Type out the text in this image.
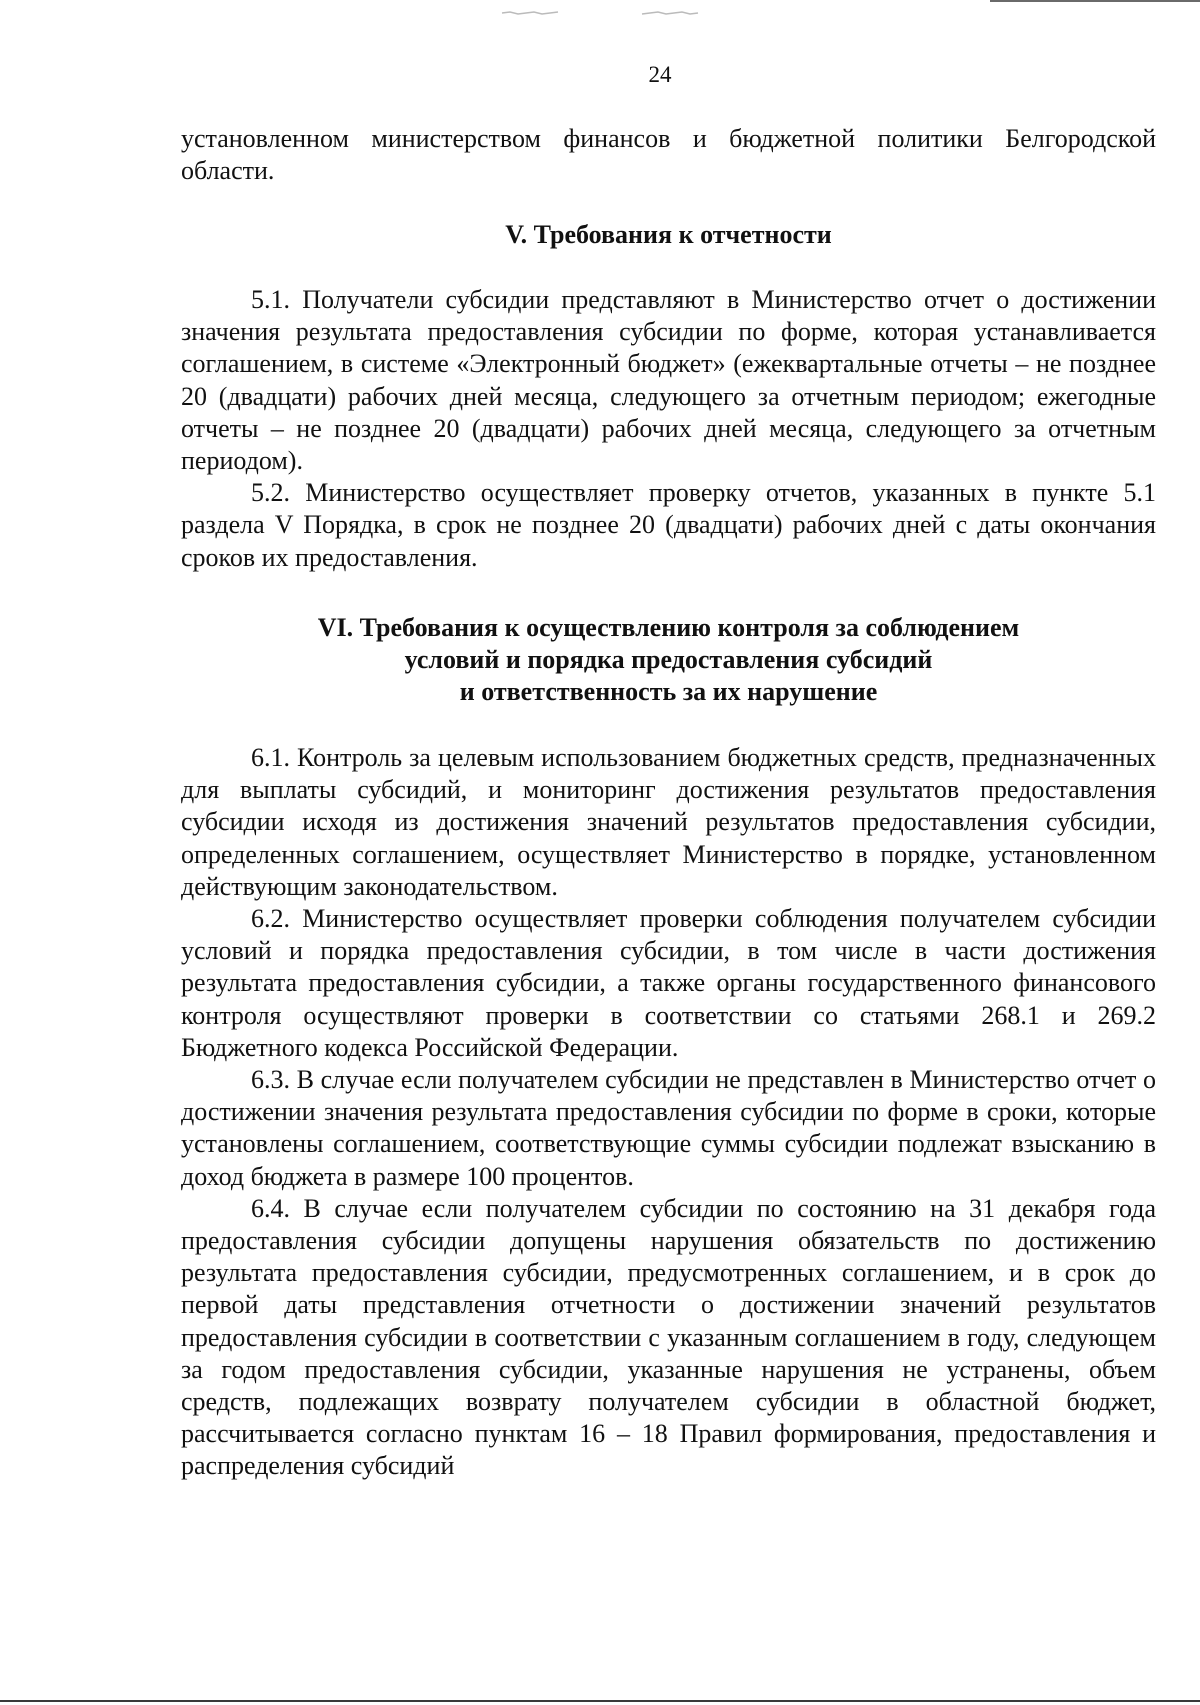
24

установленном министерством финансов и бюджетной политики Белгородской области.

V. Требования к отчетности

5.1. Получатели субсидии представляют в Министерство отчет о достижении значения результата предоставления субсидии по форме, которая устанавливается соглашением, в системе «Электронный бюджет» (ежеквартальные отчеты – не позднее 20 (двадцати) рабочих дней месяца, следующего за отчетным периодом; ежегодные отчеты – не позднее 20 (двадцати) рабочих дней месяца, следующего за отчетным периодом).

5.2. Министерство осуществляет проверку отчетов, указанных в пункте 5.1 раздела V Порядка, в срок не позднее 20 (двадцати) рабочих дней с даты окончания сроков их предоставления.

VI. Требования к осуществлению контроля за соблюдением
условий и порядка предоставления субсидий
и ответственность за их нарушение

6.1. Контроль за целевым использованием бюджетных средств, предназначенных для выплаты субсидий, и мониторинг достижения результатов предоставления субсидии исходя из достижения значений результатов предоставления субсидии, определенных соглашением, осуществляет Министерство в порядке, установленном действующим законодательством.

6.2. Министерство осуществляет проверки соблюдения получателем субсидии условий и порядка предоставления субсидии, в том числе в части достижения результата предоставления субсидии, а также органы государственного финансового контроля осуществляют проверки в соответствии со статьями 268.1 и 269.2 Бюджетного кодекса Российской Федерации.

6.3. В случае если получателем субсидии не представлен в Министерство отчет о достижении значения результата предоставления субсидии по форме в сроки, которые установлены соглашением, соответствующие суммы субсидии подлежат взысканию в доход бюджета в размере 100 процентов.

6.4. В случае если получателем субсидии по состоянию на 31 декабря года предоставления субсидии допущены нарушения обязательств по достижению результата предоставления субсидии, предусмотренных соглашением, и в срок до первой даты представления отчетности о достижении значений результатов предоставления субсидии в соответствии с указанным соглашением в году, следующем за годом предоставления субсидии, указанные нарушения не устранены, объем средств, подлежащих возврату получателем субсидии в областной бюджет, рассчитывается согласно пунктам 16 – 18 Правил формирования, предоставления и распределения субсидий
